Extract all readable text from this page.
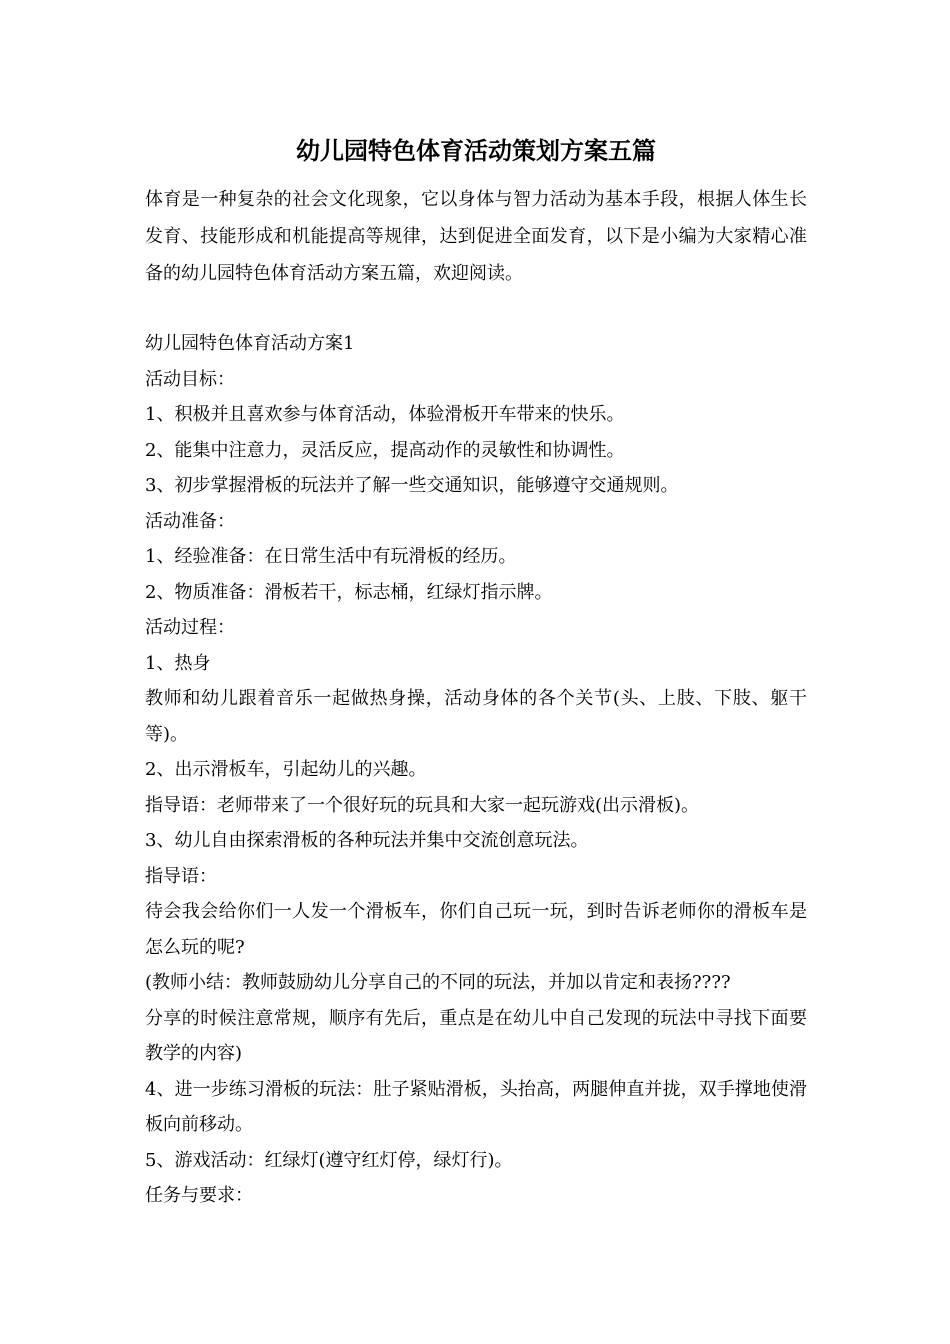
幼儿园特色体育活动策划方案五篇

体育是一种复杂的社会文化现象，它以身体与智力活动为基本手段，根据人体生长发育、技能形成和机能提高等规律，达到促进全面发育，以下是小编为大家精心准备的幼儿园特色体育活动方案五篇，欢迎阅读。

幼儿园特色体育活动方案1
活动目标：
1、积极并且喜欢参与体育活动，体验滑板开车带来的快乐。
2、能集中注意力，灵活反应，提高动作的灵敏性和协调性。
3、初步掌握滑板的玩法并了解一些交通知识，能够遵守交通规则。
活动准备：
1、经验准备：在日常生活中有玩滑板的经历。
2、物质准备：滑板若干，标志桶，红绿灯指示牌。
活动过程：
1、热身
教师和幼儿跟着音乐一起做热身操，活动身体的各个关节(头、上肢、下肢、躯干等)。
2、出示滑板车，引起幼儿的兴趣。
指导语：老师带来了一个很好玩的玩具和大家一起玩游戏(出示滑板)。
3、幼儿自由探索滑板的各种玩法并集中交流创意玩法。
指导语：
待会我会给你们一人发一个滑板车，你们自己玩一玩，到时告诉老师你的滑板车是怎么玩的呢?
(教师小结：教师鼓励幼儿分享自己的不同的玩法，并加以肯定和表扬????
分享的时候注意常规，顺序有先后，重点是在幼儿中自己发现的玩法中寻找下面要教学的内容)
4、进一步练习滑板的玩法：肚子紧贴滑板，头抬高，两腿伸直并拢，双手撑地使滑板向前移动。
5、游戏活动：红绿灯(遵守红灯停，绿灯行)。
任务与要求：
